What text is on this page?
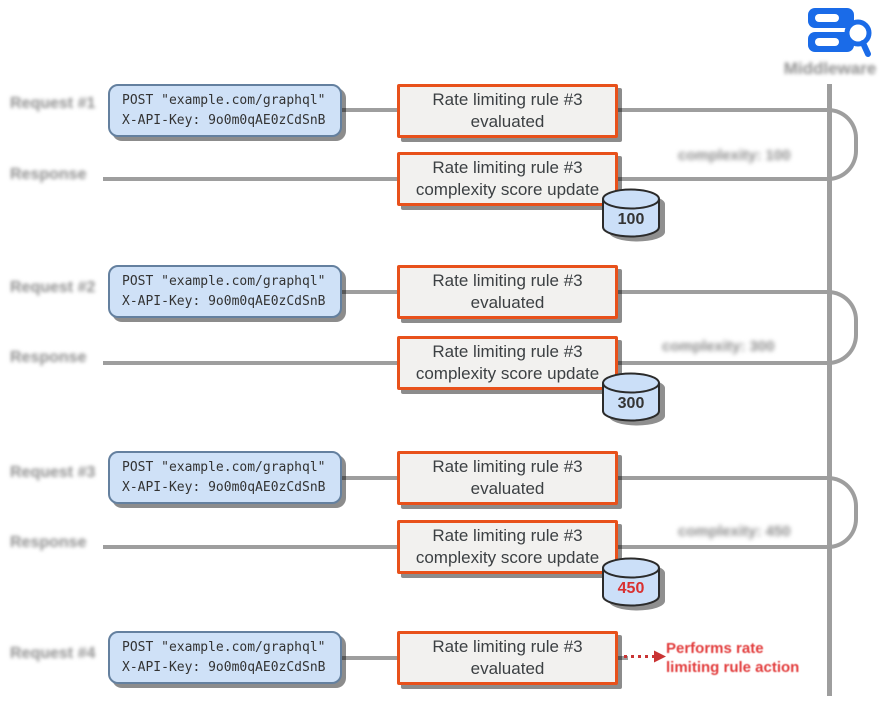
Middleware
Request #1
Response
Request #2
Response
Request #3
Response
Request #4
POST "example.com/graphql"
X-API-Key: 9o0m0qAE0zCdSnB
POST "example.com/graphql"
X-API-Key: 9o0m0qAE0zCdSnB
POST "example.com/graphql"
X-API-Key: 9o0m0qAE0zCdSnB
POST "example.com/graphql"
X-API-Key: 9o0m0qAE0zCdSnB
Rate limiting rule #3
evaluated
Rate limiting rule #3
evaluated
Rate limiting rule #3
evaluated
Rate limiting rule #3
evaluated
Rate limiting rule #3
complexity score update
Rate limiting rule #3
complexity score update
Rate limiting rule #3
complexity score update
complexity: 100
complexity: 300
complexity: 450
100
300
450
Performs rate
limiting rule action
